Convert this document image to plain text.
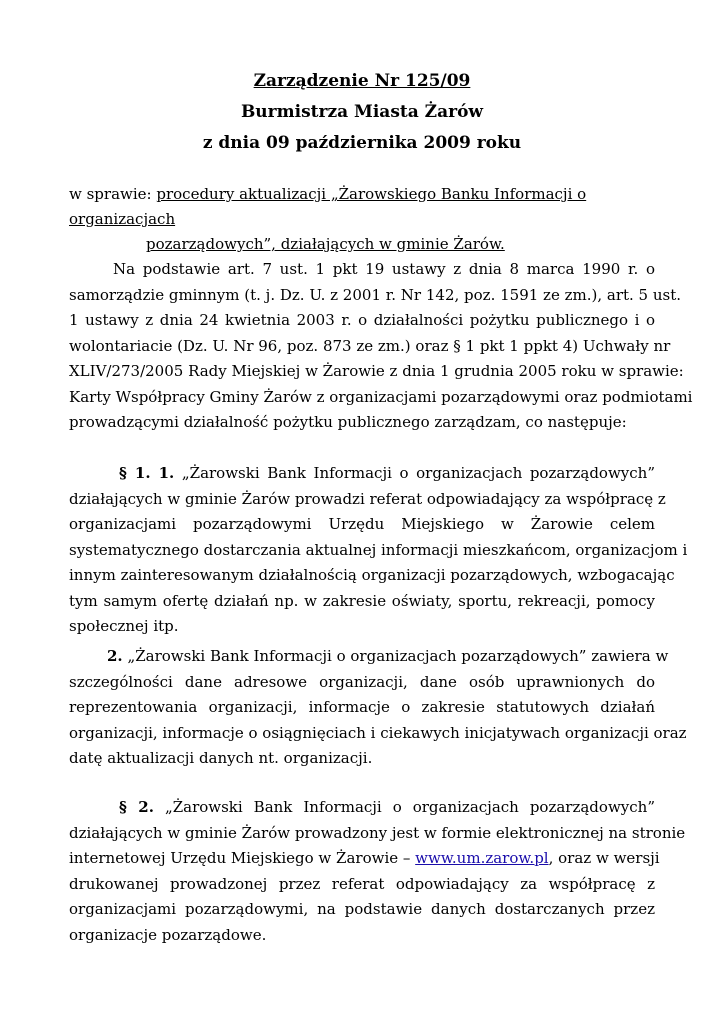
Zarządzenie Nr 125/09
Burmistrza Miasta Żarów
z dnia 09 października 2009 roku
w sprawie: procedury aktualizacji „Żarowskiego Banku Informacji o organizacjach
pozarządowych”, działających w gminie Żarów.
Na podstawie art. 7 ust. 1 pkt 19 ustawy z dnia 8 marca 1990 r. o
samorządzie gminnym (t. j. Dz. U. z 2001 r. Nr 142, poz. 1591 ze zm.), art. 5 ust.
1 ustawy z dnia 24 kwietnia 2003 r. o działalności pożytku publicznego i o
wolontariacie (Dz. U. Nr 96, poz. 873 ze zm.) oraz § 1 pkt 1 ppkt 4) Uchwały nr
XLIV/273/2005 Rady Miejskiej w Żarowie z dnia 1 grudnia 2005 roku w sprawie:
Karty Współpracy Gminy Żarów z organizacjami pozarządowymi oraz podmiotami
prowadzącymi działalność pożytku publicznego zarządzam, co następuje:
§ 1. 1. „Żarowski Bank Informacji o organizacjach pozarządowych”
działających w gminie Żarów prowadzi referat odpowiadający za współpracę z
organizacjami pozarządowymi Urzędu Miejskiego w Żarowie celem
systematycznego dostarczania aktualnej informacji mieszkańcom, organizacjom i
innym zainteresowanym działalnością organizacji pozarządowych, wzbogacając
tym samym ofertę działań np. w zakresie oświaty, sportu, rekreacji, pomocy
społecznej itp.
2. „Żarowski Bank Informacji o organizacjach pozarządowych” zawiera w
szczególności dane adresowe organizacji, dane osób uprawnionych do
reprezentowania organizacji, informacje o zakresie statutowych działań
organizacji, informacje o osiągnięciach i ciekawych inicjatywach organizacji oraz
datę aktualizacji danych nt. organizacji.
§ 2. „Żarowski Bank Informacji o organizacjach pozarządowych”
działających w gminie Żarów prowadzony jest w formie elektronicznej na stronie
internetowej Urzędu Miejskiego w Żarowie – www.um.zarow.pl, oraz w wersji
drukowanej prowadzonej przez referat odpowiadający za współpracę z
organizacjami pozarządowymi, na podstawie danych dostarczanych przez
organizacje pozarządowe.
